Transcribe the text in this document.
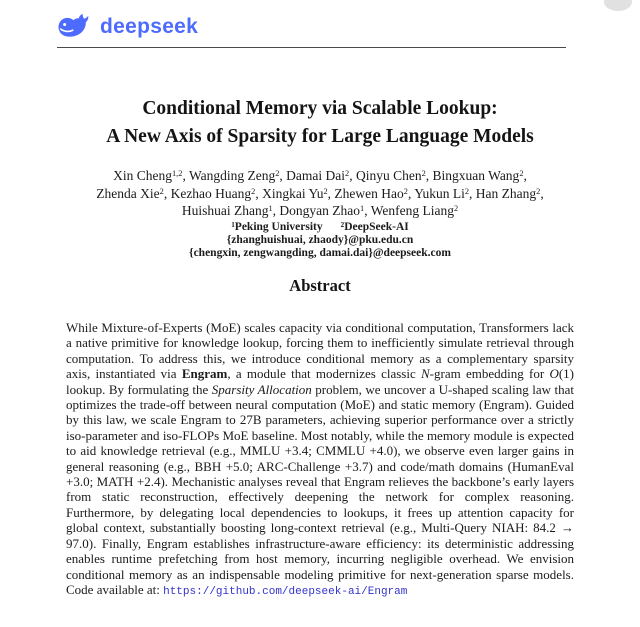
deepseek
Conditional Memory via Scalable Lookup:
A New Axis of Sparsity for Large Language Models
Xin Cheng$^{1,2}$, Wangding Zeng$^2$, Damai Dai$^2$, Qinyu Chen$^2$, Bingxuan Wang$^2$,
Zhenda Xie$^2$, Kezhao Huang$^2$, Xingkai Yu$^2$, Zhewen Hao$^2$, Yukun Li$^2$, Han Zhang$^2$,
Huishuai Zhang$^1$, Dongyan Zhao$^1$, Wenfeng Liang$^2$
$^1$Peking University	$^2$DeepSeek-AI
{zhanghuishuai, zhaody}@pku.edu.cn
{chengxin, zengwangding, damai.dai}@deepseek.com
Abstract

While Mixture-of-Experts (MoE) scales capacity via conditional computation, Transformers lack a native primitive for knowledge lookup, forcing them to inefficiently simulate retrieval through computation. To address this, we introduce conditional memory as a complementary sparsity axis, instantiated via Engram, a module that modernizes classic N-gram embedding for O(1) lookup. By formulating the Sparsity Allocation problem, we uncover a U-shaped scaling law that optimizes the trade-off between neural computation (MoE) and static memory (Engram). Guided by this law, we scale Engram to 27B parameters, achieving superior performance over a strictly iso-parameter and iso-FLOPs MoE baseline. Most notably, while the memory module is expected to aid knowledge retrieval (e.g., MMLU +3.4; CMMLU +4.0), we observe even larger gains in general reasoning (e.g., BBH +5.0; ARC-Challenge +3.7) and code/math domains (HumanEval +3.0; MATH +2.4). Mechanistic analyses reveal that Engram relieves the backbone’s early layers from static reconstruction, effectively deepening the network for complex reasoning. Furthermore, by delegating local dependencies to lookups, it frees up attention capacity for global context, substantially boosting long-context retrieval (e.g., Multi-Query NIAH: 84.2 → 97.0). Finally, Engram establishes infrastructure-aware efficiency: its deterministic addressing enables runtime prefetching from host memory, incurring negligible overhead. We envision conditional memory as an indispensable modeling primitive for next-generation sparse models. Code available at: https://github.com/deepseek-ai/Engram
